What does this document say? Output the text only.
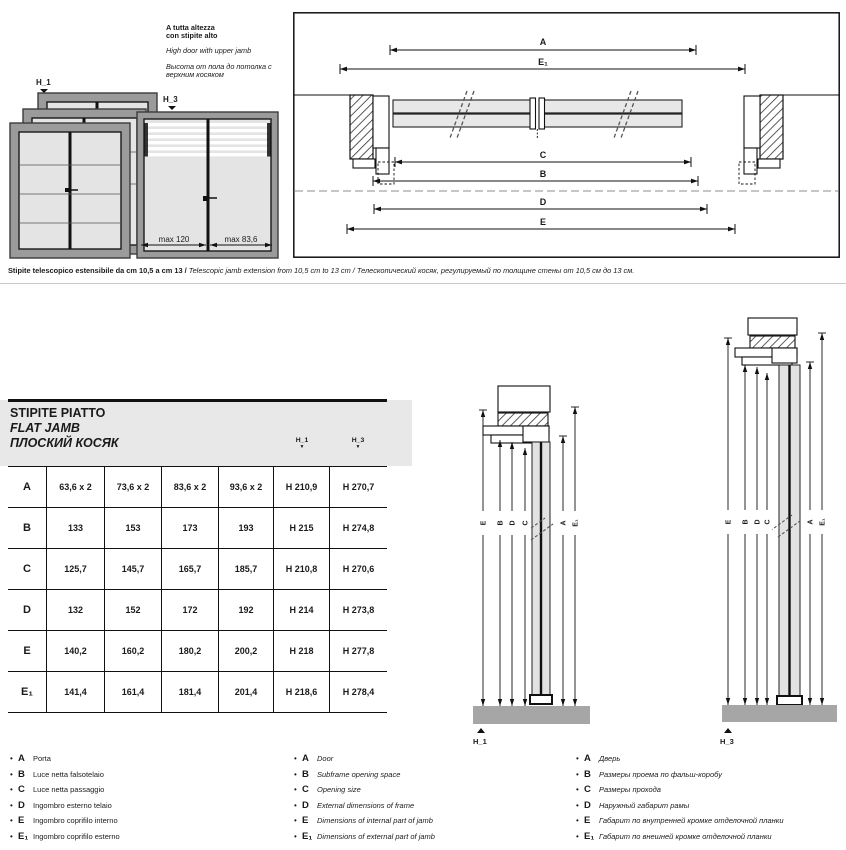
A tutta altezza
con stipite alto
High door with upper jamb
Высота от пола до потолка с
верхним косяком
H_1
H_3
max 120	max 83,6
A
E₁
C
B
D
E
Stipite telescopico estensibile da cm 10,5 a cm 13 / Telescopic jamb extension from 10,5 cm to 13 cm / Телескопический косяк, регулируемый по толщине стены от 10,5 см до 13 см.
STIPITE PIATTO
FLAT JAMB
ПЛОСКИЙ КОСЯК	H_1
▼
H_3
▼
A	63,6 x 2	73,6 x 2	83,6 x 2	93,6 x 2	H 210,9	H 270,7
B	133	153	173	193	H 215	H 274,8
C	125,7	145,7	165,7	185,7	H 210,8	H 270,6
D	132	152	172	192	H 214	H 273,8
E	140,2	160,2	180,2	200,2	H 218	H 277,8
E₁	141,4	161,4	181,4	201,4	H 218,6	H 278,4
E B D C	A E₁
H_1
E B D C	A E₁
H_3
• A	Porta
• B	Luce netta falsotelaio
• C	Luce netta passaggio
• D	Ingombro esterno telaio
• E	Ingombro coprifilo interno
• E₁ Ingombro coprifilo esterno
• A	Door
• B	Subframe opening space
• C	Opening size
• D	External dimensions of frame
• E	Dimensions of internal part of jamb
• E₁ Dimensions of external part of jamb
• A	Дверь
• B	Размеры проема по фальш-коробу
• C	Размеры прохода
• D	Наружный габарит рамы
• E	Габарит по внутренней кромке отделочной планки
• E₁ Габарит по внешней кромке отделочной планки
